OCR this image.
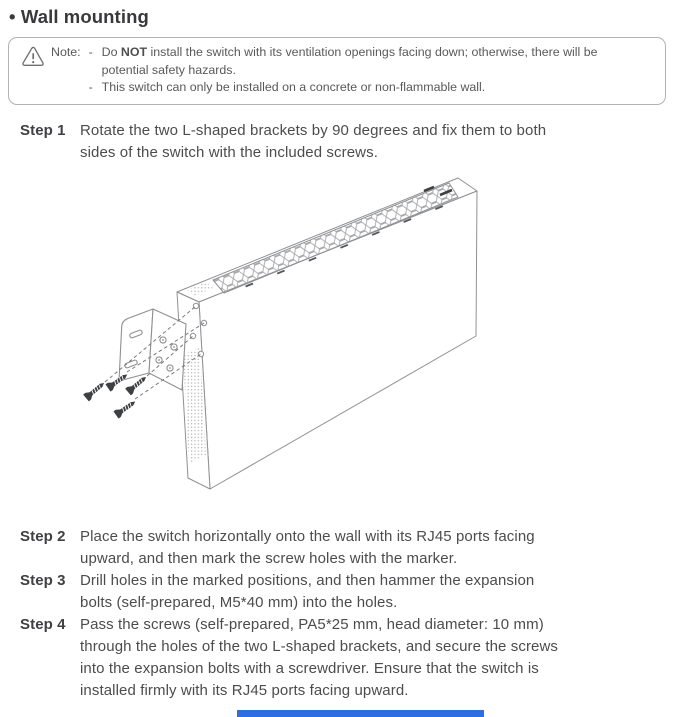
• Wall mounting
Note: - Do NOT install the switch with its ventilation openings facing down; otherwise, there will be
potential safety hazards.
- This switch can only be installed on a concrete or non-flammable wall.
Step 1 Rotate the two L-shaped brackets by 90 degrees and fix them to both
sides of the switch with the included screws.
Step 2 Place the switch horizontally onto the wall with its RJ45 ports facing
upward, and then mark the screw holes with the marker.
Step 3 Drill holes in the marked positions, and then hammer the expansion
bolts (self-prepared, M5*40 mm) into the holes.
Step 4 Pass the screws (self-prepared, PA5*25 mm, head diameter: 10 mm)
through the holes of the two L-shaped brackets, and secure the screws
into the expansion bolts with a screwdriver. Ensure that the switch is
installed firmly with its RJ45 ports facing upward.
